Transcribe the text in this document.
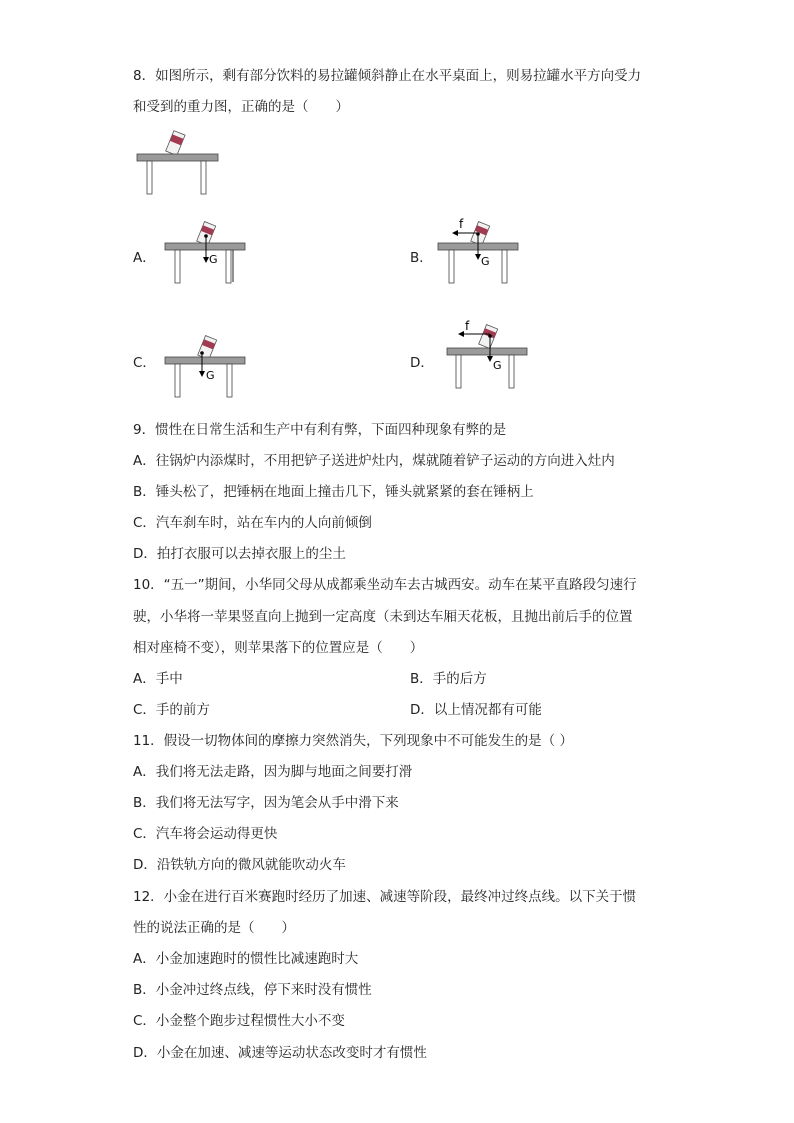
8．如图所示，剩有部分饮料的易拉罐倾斜静止在水平桌面上，则易拉罐水平方向受力
和受到的重力图，正确的是（　　）
A．	G	B．
f
G
C．
G
D．
f
G
9．惯性在日常生活和生产中有利有弊，下面四种现象有弊的是
A．往锅炉内添煤时，不用把铲子送进炉灶内，煤就随着铲子运动的方向进入灶内
B．锤头松了，把锤柄在地面上撞击几下，锤头就紧紧的套在锤柄上
C．汽车刹车时，站在车内的人向前倾倒
D．拍打衣服可以去掉衣服上的尘土
10．“五一”期间，小华同父母从成都乘坐动车去古城西安。动车在某平直路段匀速行
驶，小华将一苹果竖直向上抛到一定高度（未到达车厢天花板，且抛出前后手的位置
相对座椅不变），则苹果落下的位置应是（　　）
A．手中	B．手的后方
C．手的前方	D．以上情况都有可能
11．假设一切物体间的摩擦力突然消失，下列现象中不可能发生的是（ ）
A．我们将无法走路，因为脚与地面之间要打滑
B．我们将无法写字，因为笔会从手中滑下来
C．汽车将会运动得更快
D．沿铁轨方向的微风就能吹动火车
12．小金在进行百米赛跑时经历了加速、减速等阶段，最终冲过终点线。以下关于惯
性的说法正确的是（　　）
A．小金加速跑时的惯性比减速跑时大
B．小金冲过终点线，停下来时没有惯性
C．小金整个跑步过程惯性大小不变
D．小金在加速、减速等运动状态改变时才有惯性
